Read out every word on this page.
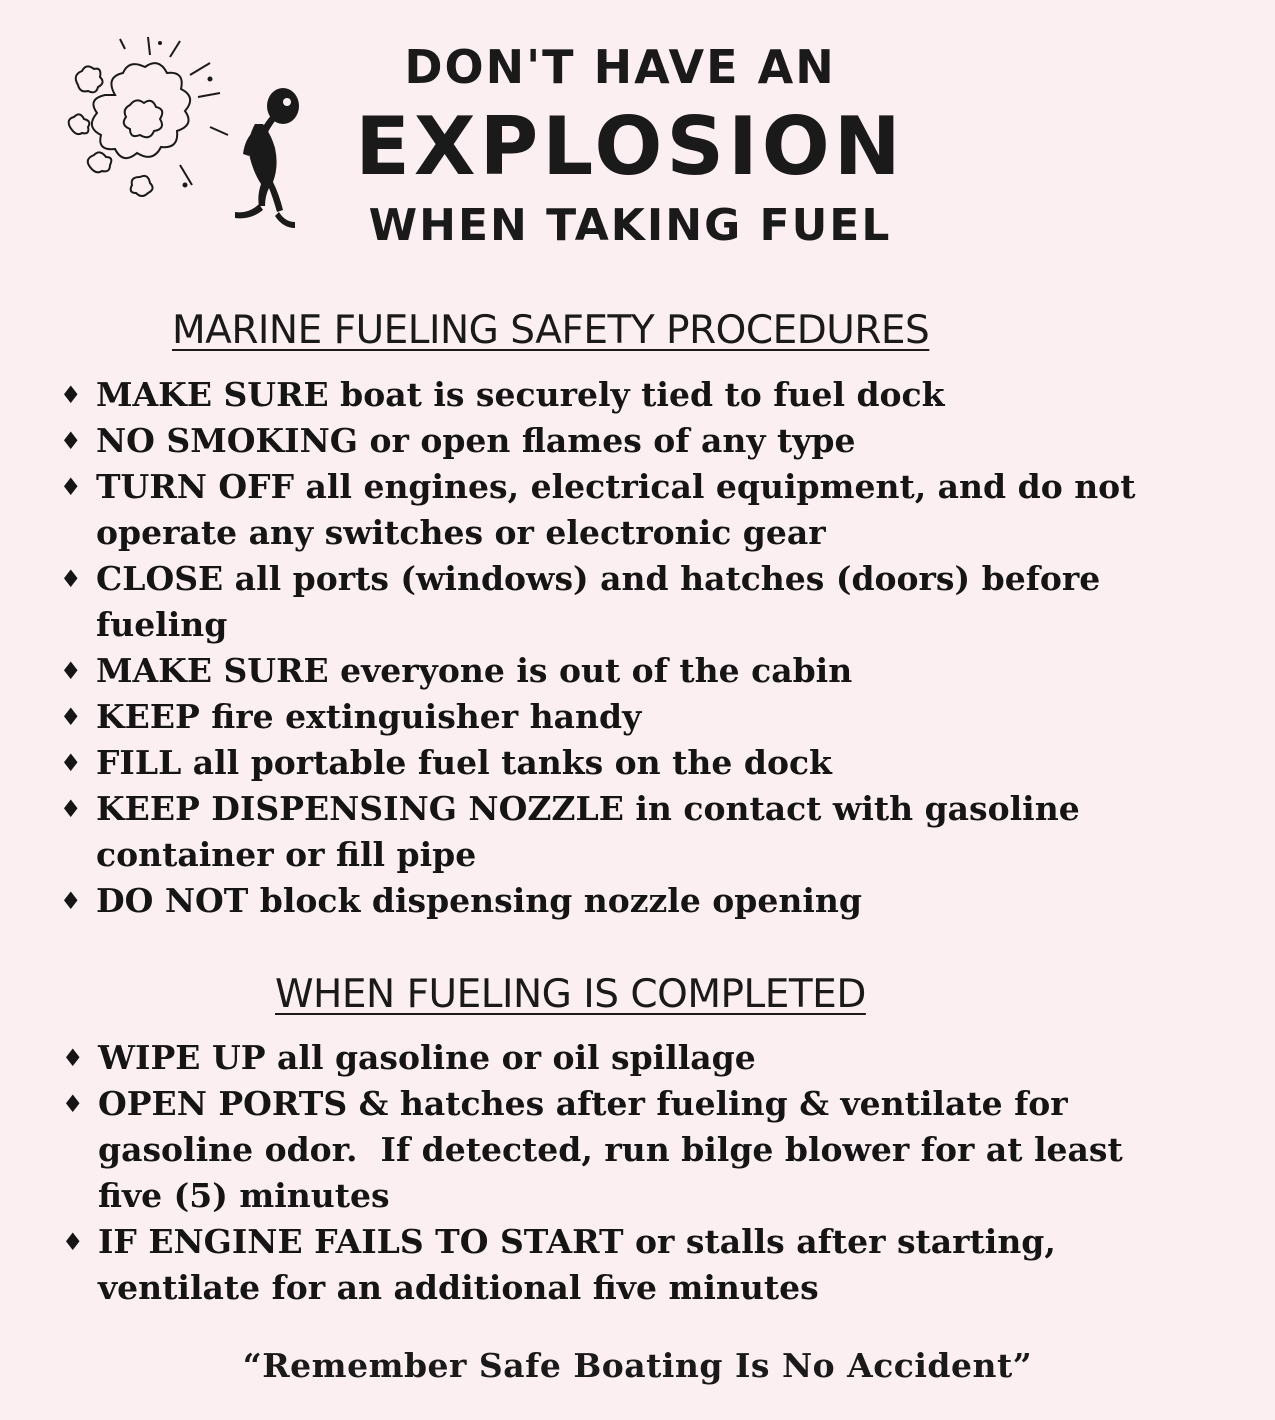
DON'T HAVE AN
EXPLOSION
WHEN TAKING FUEL
MARINE FUELING SAFETY PROCEDURES
♦ MAKE SURE boat is securely tied to fuel dock
♦ NO SMOKING or open flames of any type
♦ TURN OFF all engines, electrical equipment, and do not
operate any switches or electronic gear
♦ CLOSE all ports (windows) and hatches (doors) before
fueling
♦ MAKE SURE everyone is out of the cabin
♦ KEEP fire extinguisher handy
♦ FILL all portable fuel tanks on the dock
♦ KEEP DISPENSING NOZZLE in contact with gasoline
container or fill pipe
♦ DO NOT block dispensing nozzle opening
WHEN FUELING IS COMPLETED
♦ WIPE UP all gasoline or oil spillage
♦ OPEN PORTS & hatches after fueling & ventilate for
gasoline odor.  If detected, run bilge blower for at least
five (5) minutes
♦ IF ENGINE FAILS TO START or stalls after starting,
ventilate for an additional five minutes
“Remember Safe Boating Is No Accident”
